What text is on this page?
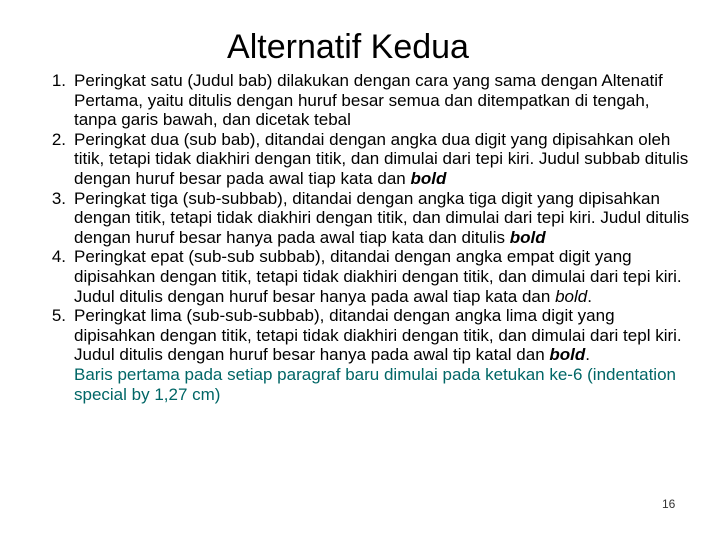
Alternatif Kedua
1. Peringkat satu (Judul bab) dilakukan dengan cara yang sama dengan Altenatif Pertama, yaitu ditulis dengan huruf besar semua dan ditempatkan di tengah, tanpa garis bawah, dan dicetak tebal
2. Peringkat dua (sub bab), ditandai dengan angka dua digit yang dipisahkan oleh titik, tetapi tidak diakhiri dengan titik, dan dimulai dari tepi kiri. Judul subbab ditulis dengan huruf besar pada awal tiap kata dan bold
3. Peringkat tiga (sub-subbab), ditandai dengan angka tiga digit yang dipisahkan dengan titik, tetapi tidak diakhiri dengan titik, dan dimulai dari tepi kiri. Judul ditulis dengan huruf besar hanya pada awal tiap kata dan ditulis bold
4. Peringkat epat (sub-sub subbab), ditandai dengan angka empat digit yang dipisahkan dengan titik, tetapi tidak diakhiri dengan titik, dan dimulai dari tepi kiri. Judul ditulis dengan huruf besar hanya pada awal tiap kata dan bold.
5. Peringkat lima (sub-sub-subbab), ditandai dengan angka lima digit yang dipisahkan dengan titik, tetapi tidak diakhiri dengan titik, dan dimulai dari tepl kiri. Judul ditulis dengan huruf besar hanya pada awal tip katal dan bold.

Baris pertama pada setiap paragraf baru dimulai pada ketukan ke-6 (indentation special by 1,27 cm)

16
